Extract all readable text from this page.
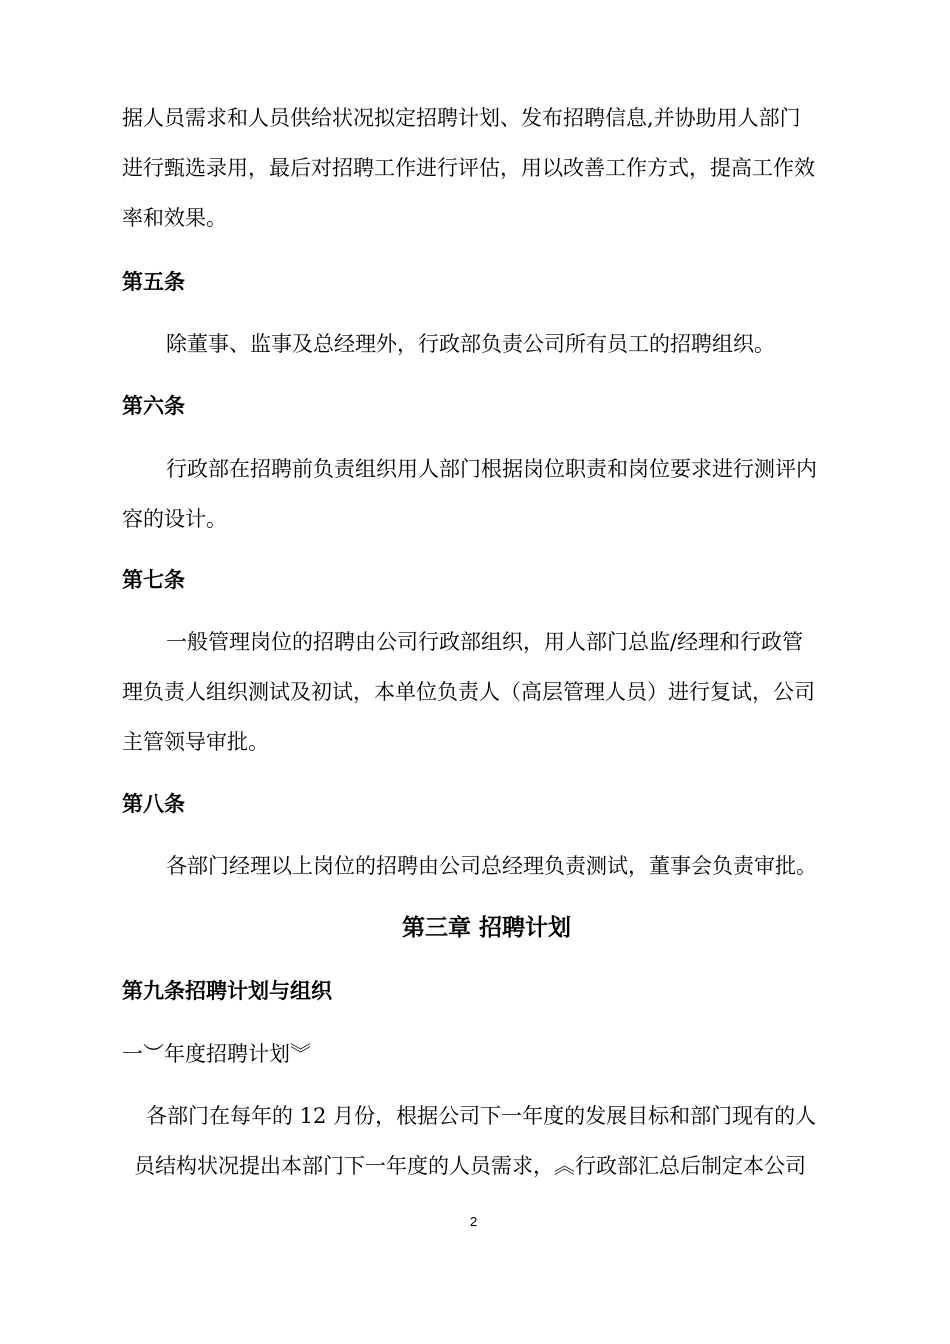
据人员需求和人员供给状况拟定招聘计划、发布招聘信息,并协助用人部门
进行甄选录用，最后对招聘工作进行评估，用以改善工作方式，提高工作效
率和效果。
第五条
除董事、监事及总经理外，行政部负责公司所有员工的招聘组织。
第六条
行政部在招聘前负责组织用人部门根据岗位职责和岗位要求进行测评内
容的设计。
第七条
一般管理岗位的招聘由公司行政部组织，用人部门总监/经理和行政管
理负责人组织测试及初试，本单位负责人（高层管理人员）进行复试，公司
主管领导审批。
第八条
各部门经理以上岗位的招聘由公司总经理负责测试，董事会负责审批。
第三章 招聘计划
第九条招聘计划与组织
一︶年度招聘计划︾
各部门在每年的 12 月份，根据公司下一年度的发展目标和部门现有的人
员结构状况提出本部门下一年度的人员需求，︽行政部汇总后制定本公司
2
